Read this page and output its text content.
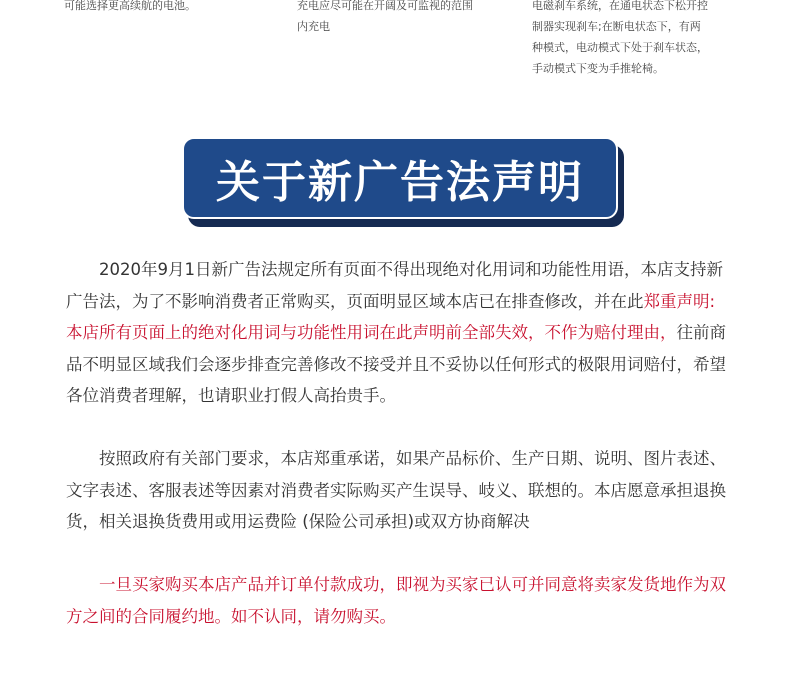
可能选择更高续航的电池。	充电应尽可能在开阔及可监视的范围

内充电

电磁刹车系统，在通电状态下松开控

制器实现刹车;在断电状态下，有两

种模式，电动模式下处于刹车状态，

手动模式下变为手推轮椅。

关于新广告法声明

2020年9月1日新广告法规定所有页面不得出现绝对化用词和功能性用语，本店支持新广告法，为了不影响消费者正常购买，页面明显区域本店已在排查修改，并在此郑重声明:本店所有页面上的绝对化用词与功能性用词在此声明前全部失效，不作为赔付理由，往前商品不明显区域我们会逐步排查完善修改不接受并且不妥协以任何形式的极限用词赔付，希望各位消费者理解，也请职业打假人高抬贵手。

按照政府有关部门要求，本店郑重承诺，如果产品标价、生产日期、说明、图片表述、文字表述、客服表述等因素对消费者实际购买产生误导、岐义、联想的。本店愿意承担退换货，相关退换货费用或用运费险 (保险公司承担)或双方协商解决

一旦买家购买本店产品并订单付款成功，即视为买家已认可并同意将卖家发货地作为双方之间的合同履约地。如不认同，请勿购买。
